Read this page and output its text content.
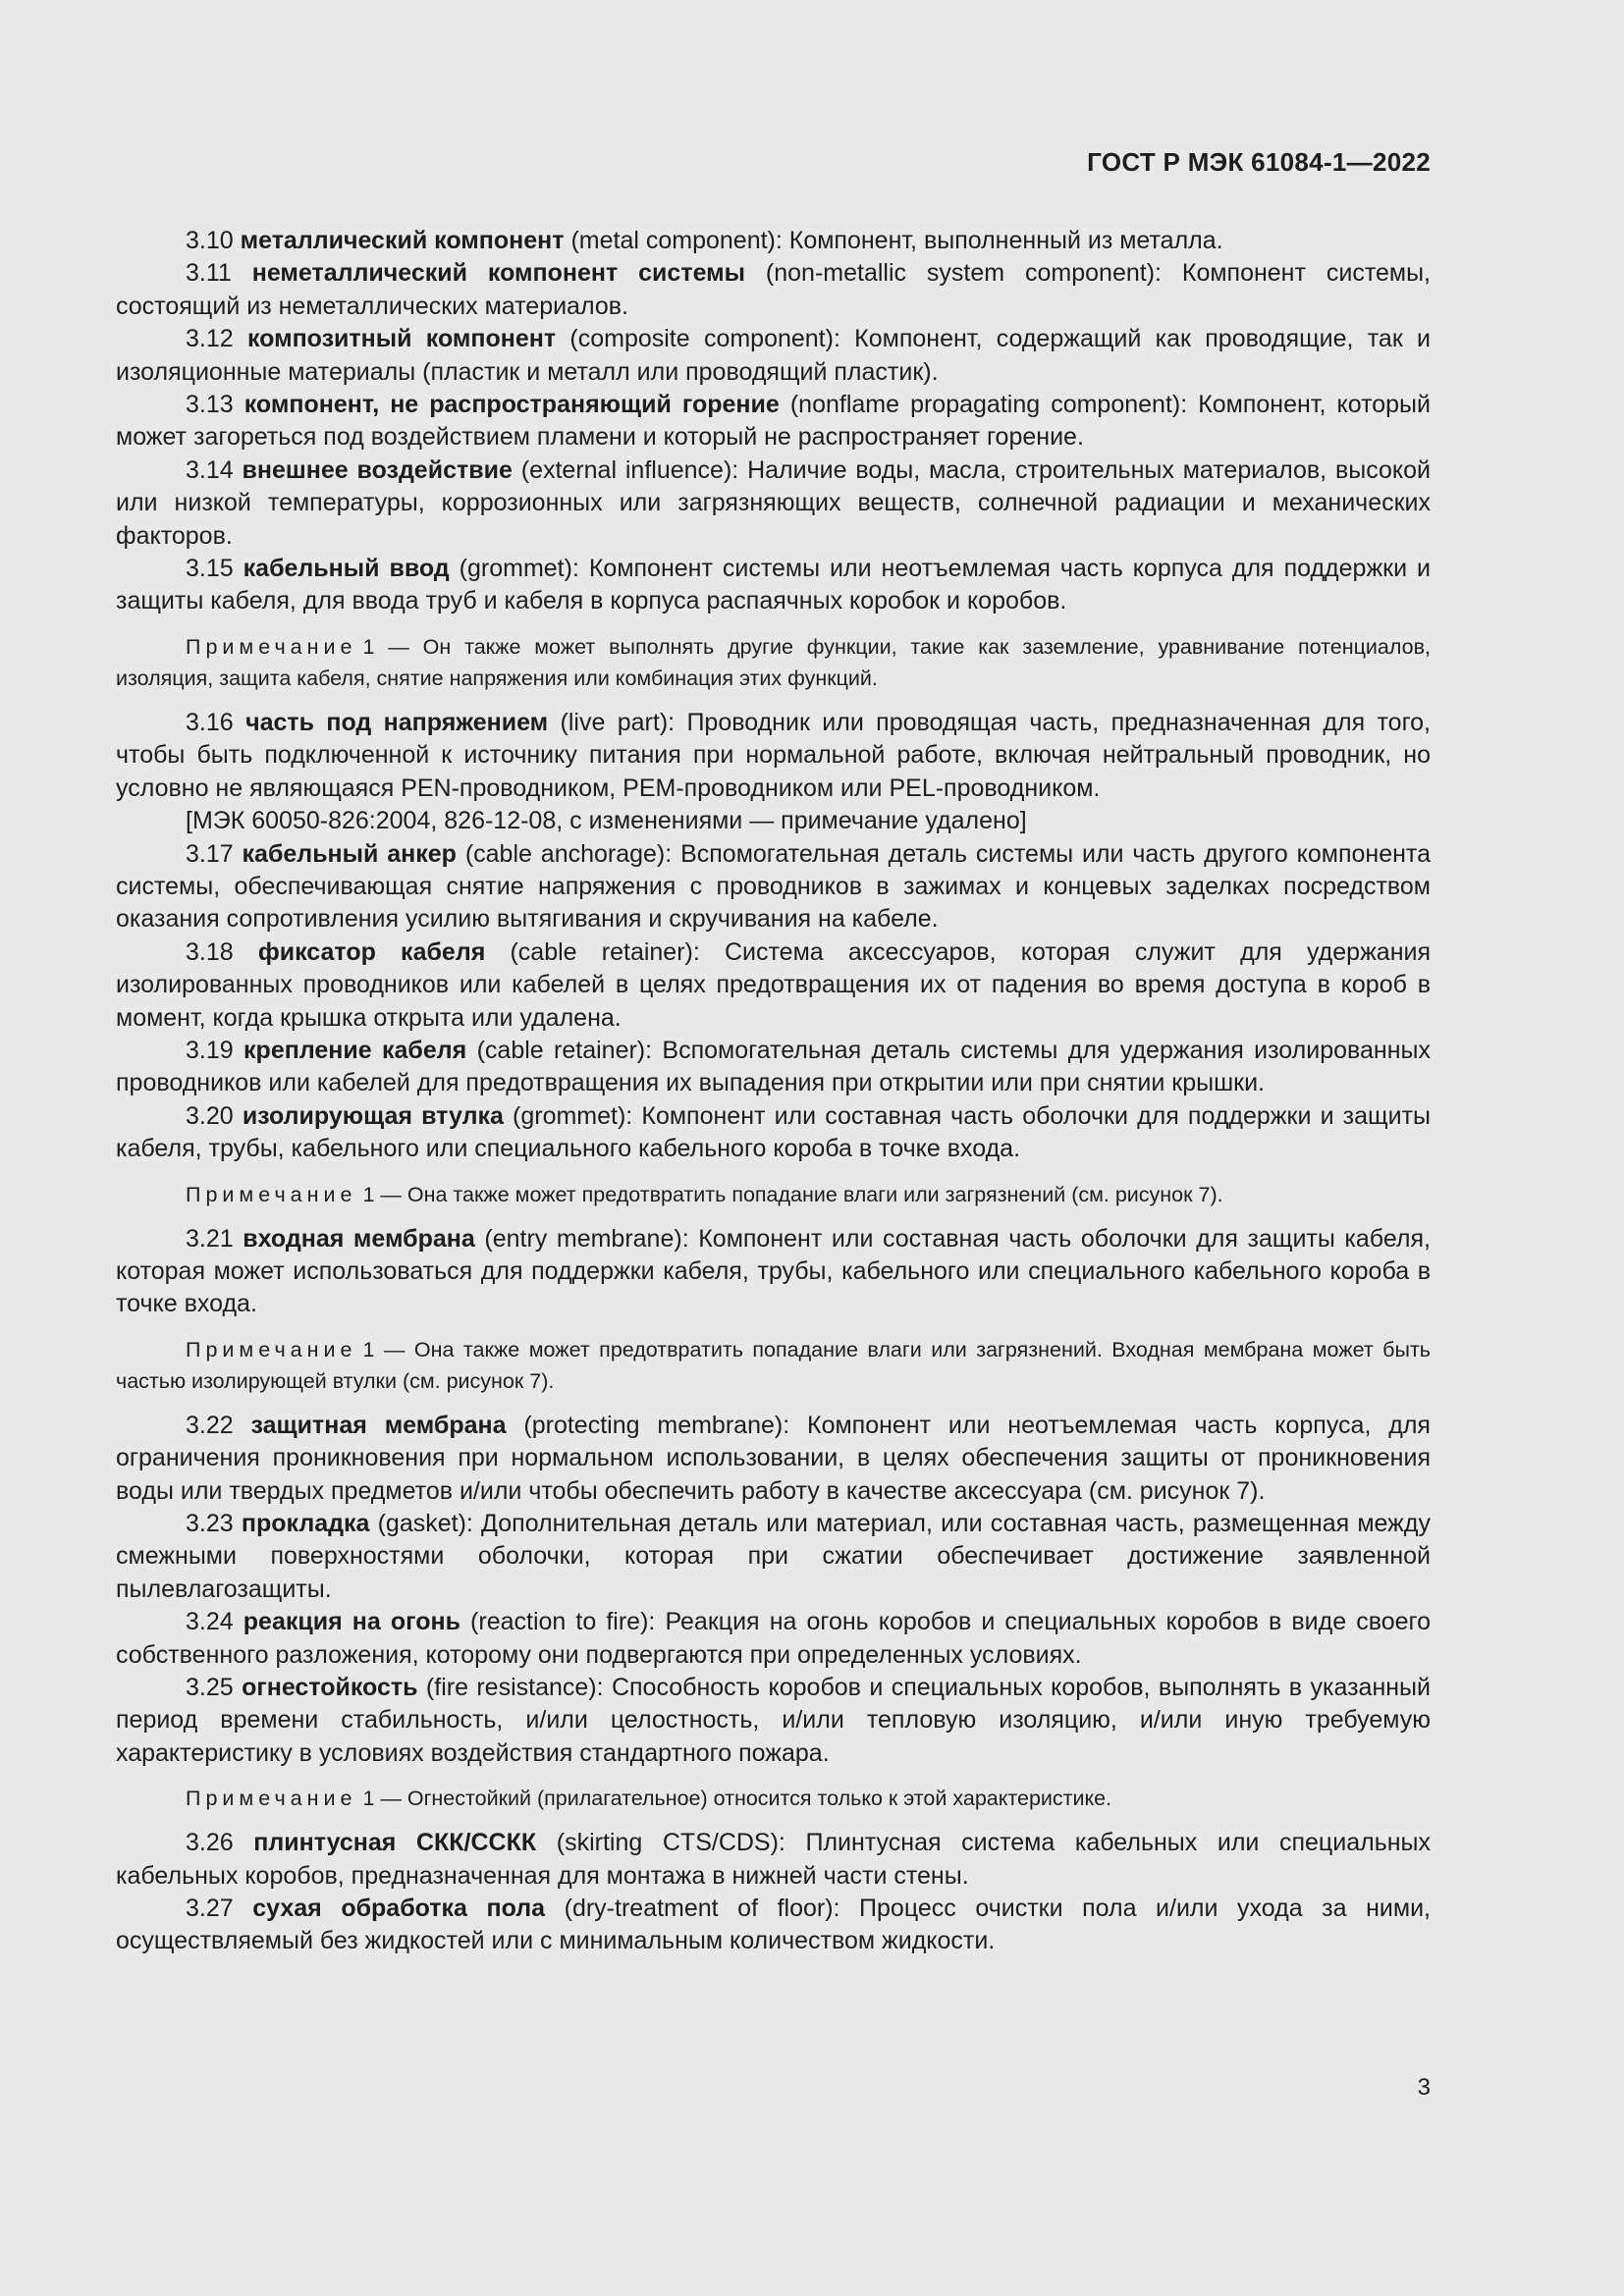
ГОСТ Р МЭК 61084-1—2022

3.10 металлический компонент (metal component): Компонент, выполненный из металла.

3.11 неметаллический компонент системы (non-metallic system component): Компонент системы, состоящий из неметаллических материалов.

3.12 композитный компонент (composite component): Компонент, содержащий как проводящие, так и изоляционные материалы (пластик и металл или проводящий пластик).

3.13 компонент, не распространяющий горение (nonflame propagating component): Компонент, который может загореться под воздействием пламени и который не распространяет горение.

3.14 внешнее воздействие (external influence): Наличие воды, масла, строительных материалов, высокой или низкой температуры, коррозионных или загрязняющих веществ, солнечной радиации и механических факторов.

3.15 кабельный ввод (grommet): Компонент системы или неотъемлемая часть корпуса для поддержки и защиты кабеля, для ввода труб и кабеля в корпуса распаячных коробок и коробов.

Примечание 1 — Он также может выполнять другие функции, такие как заземление, уравнивание потенциалов, изоляция, защита кабеля, снятие напряжения или комбинация этих функций.

3.16 часть под напряжением (live part): Проводник или проводящая часть, предназначенная для того, чтобы быть подключенной к источнику питания при нормальной работе, включая нейтральный проводник, но условно не являющаяся PEN-проводником, PEM-проводником или PEL-проводником.

[МЭК 60050-826:2004, 826-12-08, с изменениями — примечание удалено]

3.17 кабельный анкер (cable anchorage): Вспомогательная деталь системы или часть другого компонента системы, обеспечивающая снятие напряжения с проводников в зажимах и концевых заделках посредством оказания сопротивления усилию вытягивания и скручивания на кабеле.

3.18 фиксатор кабеля (cable retainer): Система аксессуаров, которая служит для удержания изолированных проводников или кабелей в целях предотвращения их от падения во время доступа в короб в момент, когда крышка открыта или удалена.

3.19 крепление кабеля (cable retainer): Вспомогательная деталь системы для удержания изолированных проводников или кабелей для предотвращения их выпадения при открытии или при снятии крышки.

3.20 изолирующая втулка (grommet): Компонент или составная часть оболочки для поддержки и защиты кабеля, трубы, кабельного или специального кабельного короба в точке входа.

Примечание 1 — Она также может предотвратить попадание влаги или загрязнений (см. рисунок 7).

3.21 входная мембрана (entry membrane): Компонент или составная часть оболочки для защиты кабеля, которая может использоваться для поддержки кабеля, трубы, кабельного или специального кабельного короба в точке входа.

Примечание 1 — Она также может предотвратить попадание влаги или загрязнений. Входная мембрана может быть частью изолирующей втулки (см. рисунок 7).

3.22 защитная мембрана (protecting membrane): Компонент или неотъемлемая часть корпуса, для ограничения проникновения при нормальном использовании, в целях обеспечения защиты от проникновения воды или твердых предметов и/или чтобы обеспечить работу в качестве аксессуара (см. рисунок 7).

3.23 прокладка (gasket): Дополнительная деталь или материал, или составная часть, размещенная между смежными поверхностями оболочки, которая при сжатии обеспечивает достижение заявленной пылевлагозащиты.

3.24 реакция на огонь (reaction to fire): Реакция на огонь коробов и специальных коробов в виде своего собственного разложения, которому они подвергаются при определенных условиях.

3.25 огнестойкость (fire resistance): Способность коробов и специальных коробов, выполнять в указанный период времени стабильность, и/или целостность, и/или тепловую изоляцию, и/или иную требуемую характеристику в условиях воздействия стандартного пожара.

Примечание 1 — Огнестойкий (прилагательное) относится только к этой характеристике.

3.26 плинтусная СКК/ССКК (skirting CTS/CDS): Плинтусная система кабельных или специальных кабельных коробов, предназначенная для монтажа в нижней части стены.

3.27 сухая обработка пола (dry-treatment of floor): Процесс очистки пола и/или ухода за ними, осуществляемый без жидкостей или с минимальным количеством жидкости.

3
